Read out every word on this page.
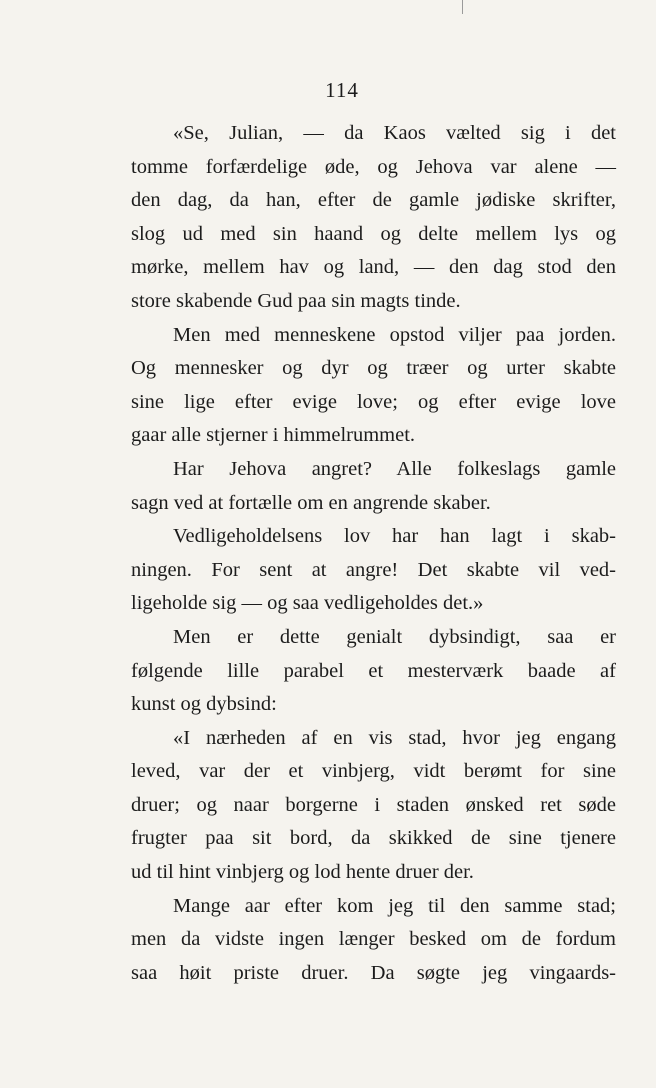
114
«Se, Julian, — da Kaos vælted sig i det
tomme forfærdelige øde, og Jehova var alene —
den dag, da han, efter de gamle jødiske skrifter,
slog ud med sin haand og delte mellem lys og
mørke, mellem hav og land, — den dag stod den
store skabende Gud paa sin magts tinde.
Men med menneskene opstod viljer paa jorden.
Og mennesker og dyr og træer og urter skabte
sine lige efter evige love; og efter evige love
gaar alle stjerner i himmelrummet.
Har Jehova angret? Alle folkeslags gamle
sagn ved at fortælle om en angrende skaber.
Vedligeholdelsens lov har han lagt i skab-
ningen. For sent at angre! Det skabte vil ved-
ligeholde sig — og saa vedligeholdes det.»
Men er dette genialt dybsindigt, saa er
følgende lille parabel et mesterværk baade af
kunst og dybsind:
«I nærheden af en vis stad, hvor jeg engang
leved, var der et vinbjerg, vidt berømt for sine
druer; og naar borgerne i staden ønsked ret søde
frugter paa sit bord, da skikked de sine tjenere
ud til hint vinbjerg og lod hente druer der.
Mange aar efter kom jeg til den samme stad;
men da vidste ingen længer besked om de fordum
saa høit priste druer. Da søgte jeg vingaards-
